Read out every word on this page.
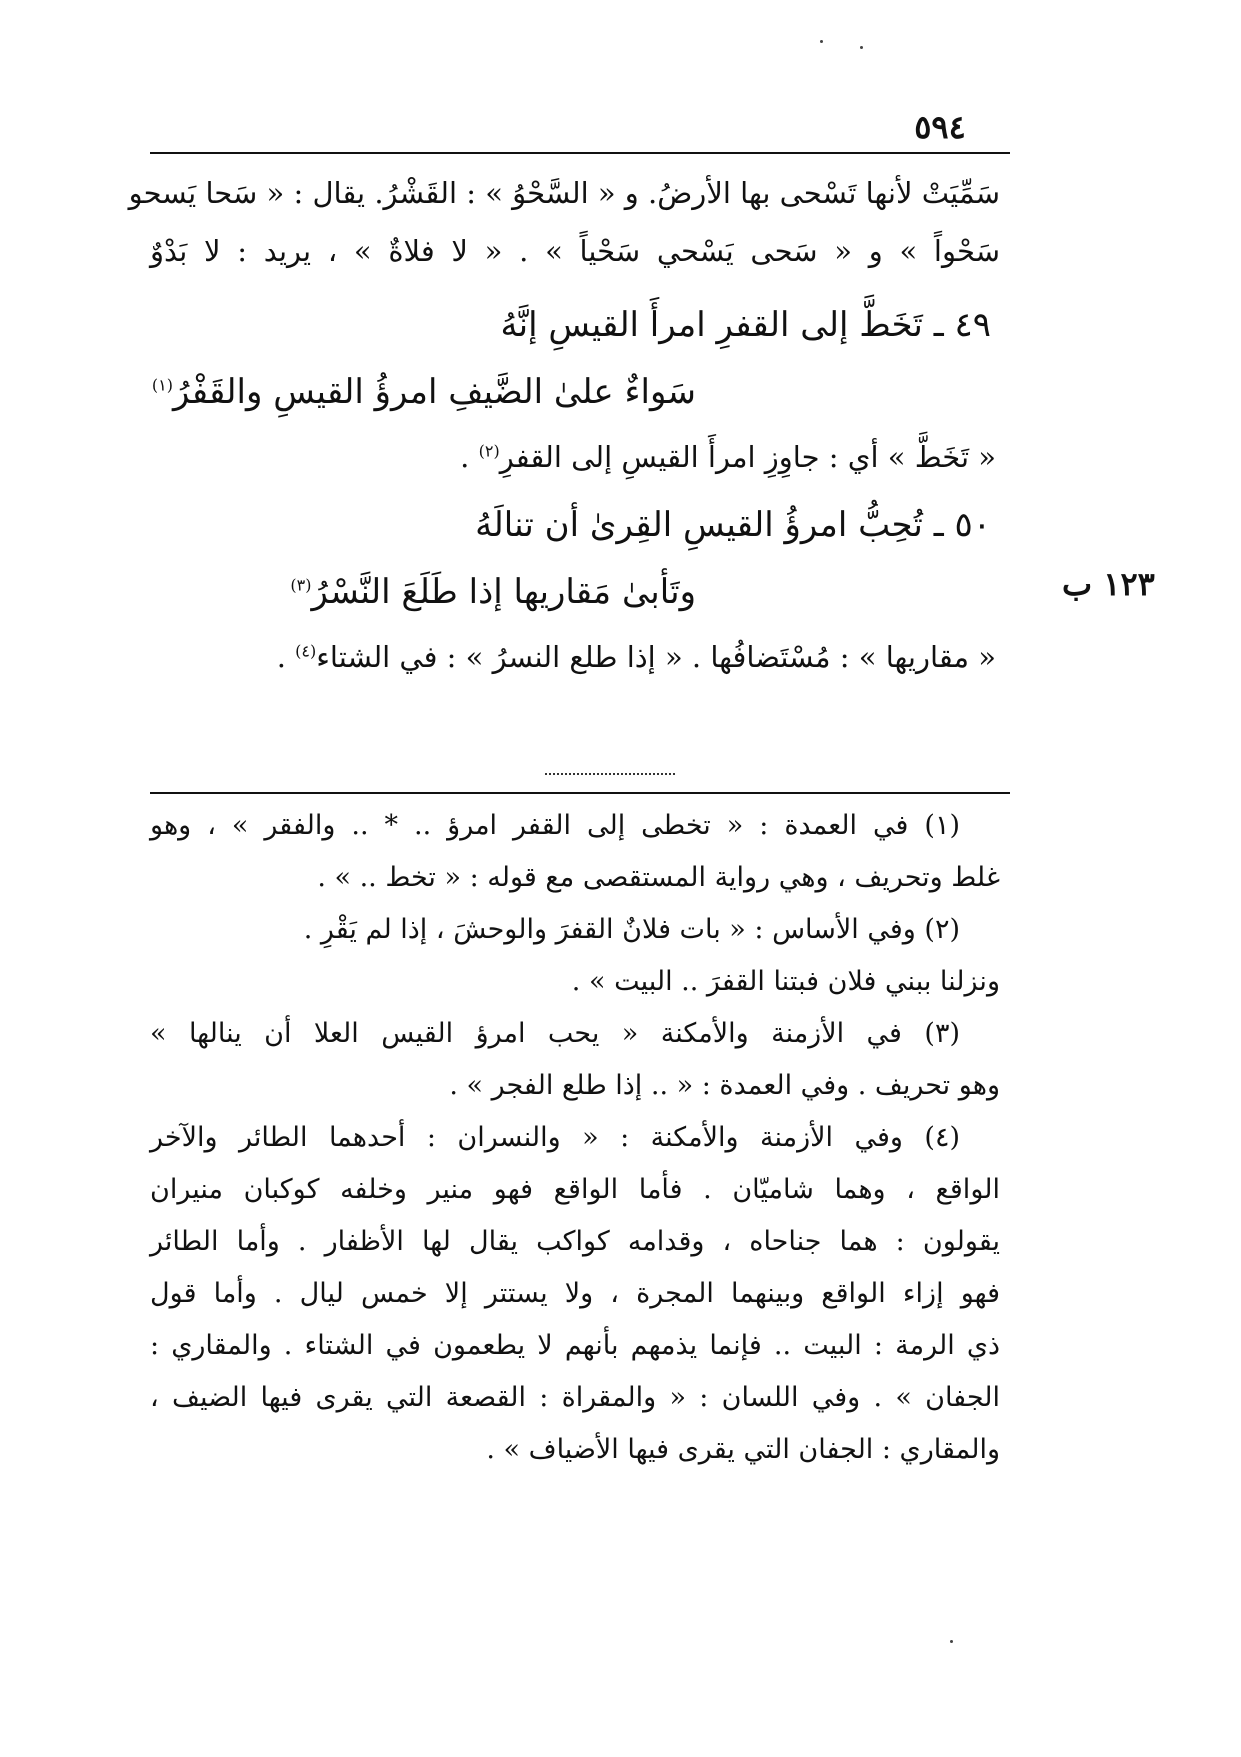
٥٩٤
سَمِّيَتْ لأنها تَسْحى بها الأرضُ. و « السَّحْوُ » : القَشْرُ. يقال : « سَحا يَسحو
سَحْواً » و « سَحى يَسْحي سَحْياً » . « لا فلاةٌ » ، يريد : لا بَدْوٌ
٤٩ ـ تَخَطَّ إلى القفرِ امرأَ القيسِ إنَّهُ
سَواءٌ علىٰ الضَّيفِ امرؤُ القيسِ والقَفْرُ$^{(١)}$
« تَخَطَّ » أي : جاوِزِ امرأَ القيسِ إلى القفرِ$^{(٢)}$ .
١٢٣ ب
٥٠ ـ تُحِبُّ امرؤُ القيسِ القِرىٰ أن تنالَهُ
وتَأبىٰ مَقاريها إذا طَلَعَ النَّسْرُ$^{(٣)}$
« مقاريها » : مُسْتَضافُها . « إذا طلع النسرُ » : في الشتاء$^{(٤)}$ .
(١) في العمدة : « تخطى إلى القفر امرؤ .. * .. والفقر » ، وهو
غلط وتحريف ، وهي رواية المستقصى مع قوله : « تخط .. » .
(٢) وفي الأساس : « بات فلانٌ القفرَ والوحشَ ، إذا لم يَقْرِ .
ونزلنا ببني فلان فبتنا القفرَ .. البيت » .
(٣) في الأزمنة والأمكنة « يحب امرؤ القيس العلا أن ينالها »
وهو تحريف . وفي العمدة : « .. إذا طلع الفجر » .
(٤) وفي الأزمنة والأمكنة : « والنسران : أحدهما الطائر والآخر
الواقع ، وهما شاميّان . فأما الواقع فهو منير وخلفه كوكبان منيران
يقولون : هما جناحاه ، وقدامه كواكب يقال لها الأظفار . وأما الطائر
فهو إزاء الواقع وبينهما المجرة ، ولا يستتر إلا خمس ليال . وأما قول
ذي الرمة : البيت .. فإنما يذمهم بأنهم لا يطعمون في الشتاء . والمقاري :
الجفان » . وفي اللسان : « والمقراة : القصعة التي يقرى فيها الضيف ،
والمقاري : الجفان التي يقرى فيها الأضياف » .
